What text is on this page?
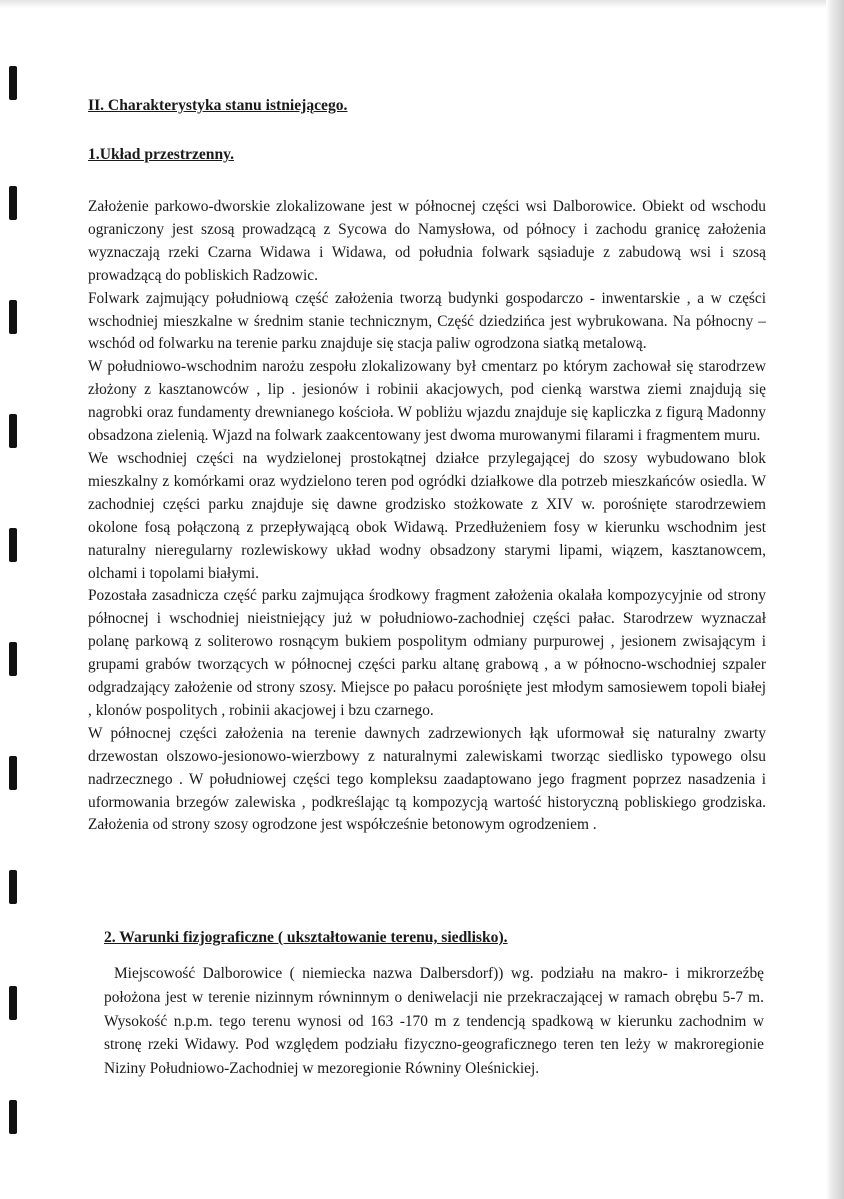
II. Charakterystyka stanu istniejącego.
1.Układ przestrzenny.

Założenie parkowo-dworskie zlokalizowane jest w północnej części wsi Dalborowice. Obiekt od wschodu ograniczony jest szosą prowadzącą z Sycowa do Namysłowa, od północy i zachodu granicę założenia wyznaczają rzeki Czarna Widawa i Widawa, od południa folwark sąsiaduje z zabudową wsi i szosą prowadzącą do pobliskich Radzowic.

Folwark zajmujący południową część założenia tworzą budynki gospodarczo - inwentarskie , a w części wschodniej mieszkalne w średnim stanie technicznym, Część dziedzińca jest wybrukowana. Na północny – wschód od folwarku na terenie parku znajduje się stacja paliw ogrodzona siatką metalową.

W południowo-wschodnim narożu zespołu zlokalizowany był cmentarz po którym zachował się starodrzew złożony z kasztanowców , lip . jesionów i robinii akacjowych, pod cienką warstwa ziemi znajdują się nagrobki oraz fundamenty drewnianego kościoła. W pobliżu wjazdu znajduje się kapliczka z figurą Madonny obsadzona zielenią. Wjazd na folwark zaakcentowany jest dwoma murowanymi filarami i fragmentem muru.

We wschodniej części na wydzielonej prostokątnej działce przylegającej do szosy wybudowano blok mieszkalny z komórkami oraz wydzielono teren pod ogródki działkowe dla potrzeb mieszkańców osiedla. W zachodniej części parku znajduje się dawne grodzisko stożkowate z XIV w. porośnięte starodrzewiem okolone fosą połączoną z przepływającą obok Widawą. Przedłużeniem fosy w kierunku wschodnim jest naturalny nieregularny rozlewiskowy układ wodny obsadzony starymi lipami, wiązem, kasztanowcem, olchami i topolami białymi.

Pozostała zasadnicza część parku zajmująca środkowy fragment założenia okalała kompozycyjnie od strony północnej i wschodniej nieistniejący już w południowo-zachodniej części pałac. Starodrzew wyznaczał polanę parkową z soliterowo rosnącym bukiem pospolitym odmiany purpurowej , jesionem zwisającym i grupami grabów tworzących w północnej części parku altanę grabową , a w północno-wschodniej szpaler odgradzający założenie od strony szosy. Miejsce po pałacu porośnięte jest młodym samosiewem topoli białej , klonów pospolitych , robinii akacjowej i bzu czarnego.

W północnej części założenia na terenie dawnych zadrzewionych łąk uformował się naturalny zwarty drzewostan olszowo-jesionowo-wierzbowy z naturalnymi zalewiskami tworząc siedlisko typowego olsu nadrzecznego . W południowej części tego kompleksu zaadaptowano jego fragment poprzez nasadzenia i uformowania brzegów zalewiska , podkreślając tą kompozycją wartość historyczną pobliskiego grodziska. Założenia od strony szosy ogrodzone jest współcześnie betonowym ogrodzeniem .

2. Warunki fizjograficzne ( ukształtowanie terenu, siedlisko).

Miejscowość Dalborowice ( niemiecka nazwa Dalbersdorf)) wg. podziału na makro- i mikrorzeźbę położona jest w terenie nizinnym równinnym o deniwelacji nie przekraczającej w ramach obrębu 5-7 m. Wysokość n.p.m. tego terenu wynosi od 163 -170 m z tendencją spadkową w kierunku zachodnim w stronę rzeki Widawy. Pod względem podziału fizyczno-geograficznego teren ten leży w makroregionie Niziny Południowo-Zachodniej w mezoregionie Równiny Oleśnickiej.
